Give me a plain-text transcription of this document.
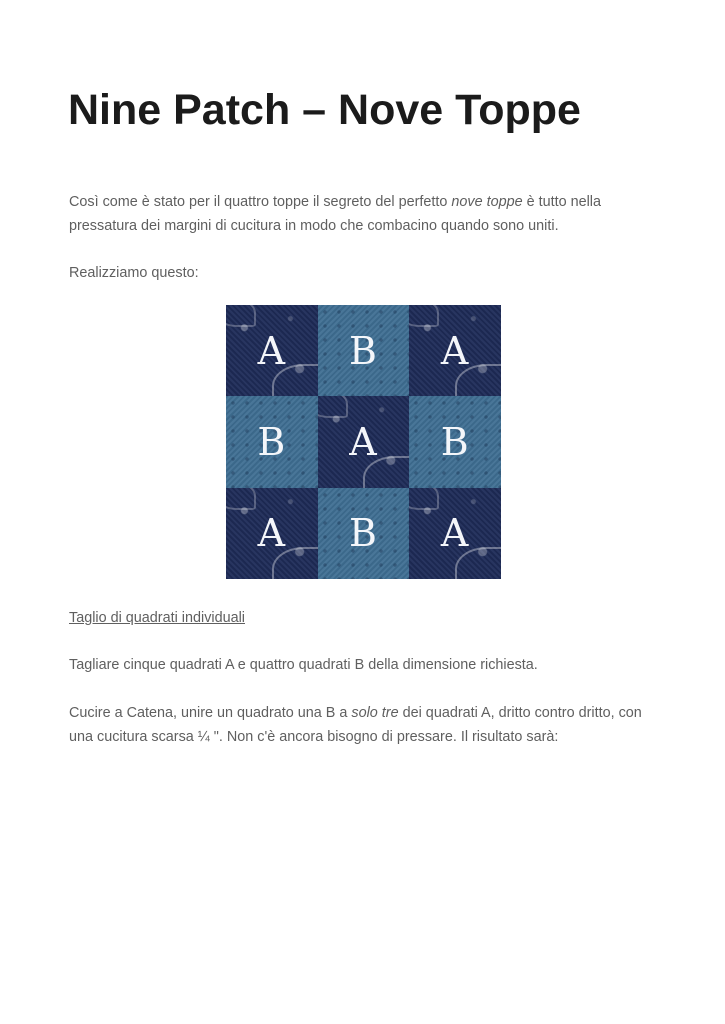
Nine Patch – Nove Toppe

Così come è stato per il quattro toppe il segreto del perfetto nove toppe è tutto nella pressatura dei margini di cucitura in modo che combacino quando sono uniti.

Realizziamo questo:

A B A
B A B
A B A

Taglio di quadrati individuali

Tagliare cinque quadrati A e quattro quadrati B della dimensione richiesta.

Cucire a Catena, unire un quadrato una B a solo tre dei quadrati A, dritto contro dritto, con una cucitura scarsa ¼ ". Non c'è ancora bisogno di pressare. Il risultato sarà:
